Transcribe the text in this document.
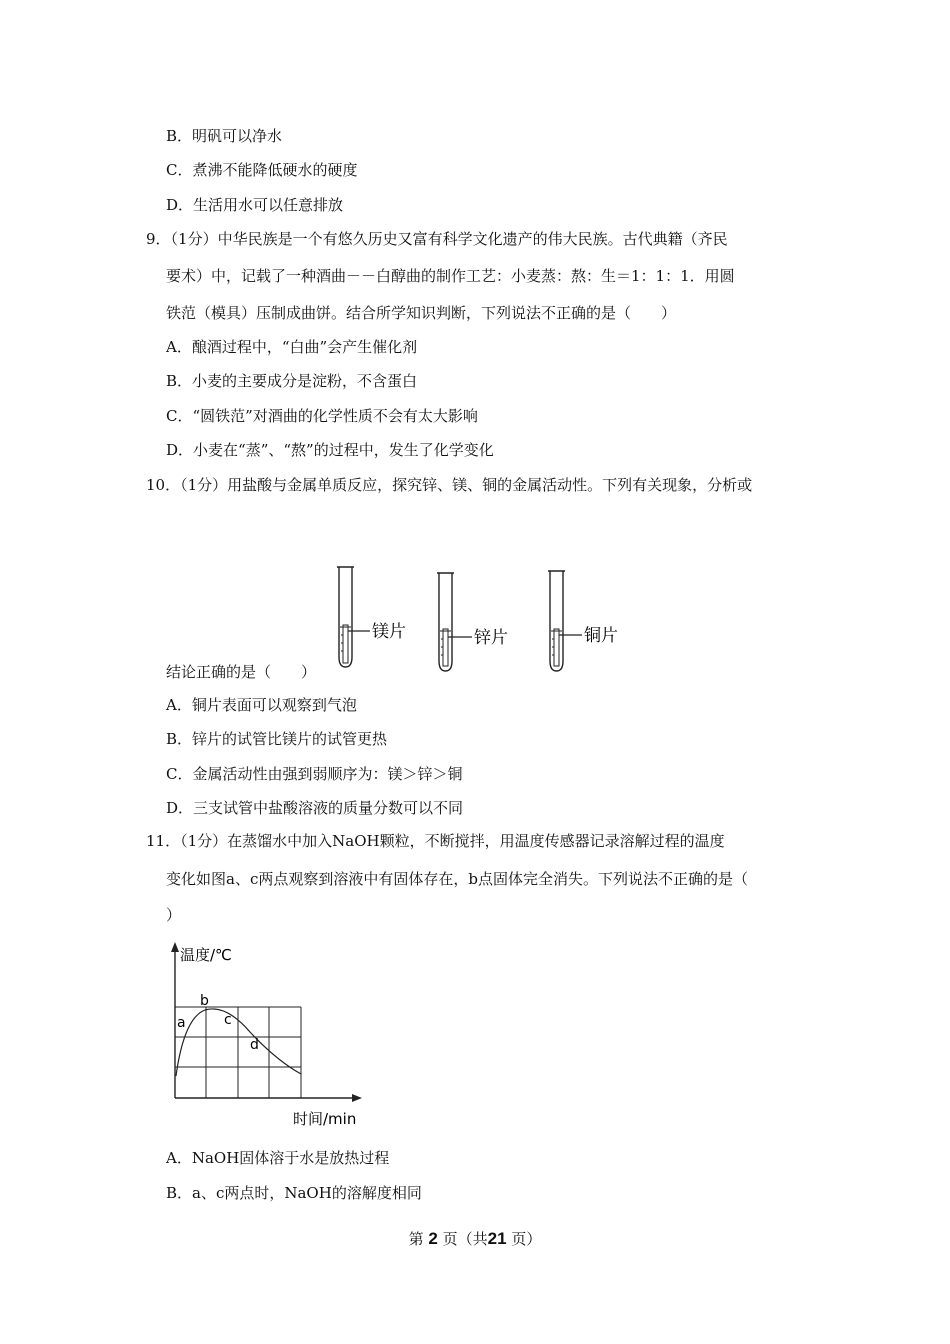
B．明矾可以净水
C．煮沸不能降低硬水的硬度
D．生活用水可以任意排放
9．（1分）中华民族是一个有悠久历史又富有科学文化遗产的伟大民族。古代典籍（齐民
要术）中，记载了一种酒曲－－白醇曲的制作工艺：小麦蒸：熬：生＝1：1：1．用圆
铁范（模具）压制成曲饼。结合所学知识判断，下列说法不正确的是（　　）
A．酿酒过程中，“白曲”会产生催化剂
B．小麦的主要成分是淀粉，不含蛋白
C．“圆铁范”对酒曲的化学性质不会有太大影响
D．小麦在“蒸”、“熬”的过程中，发生了化学变化
10．（1分）用盐酸与金属单质反应，探究锌、镁、铜的金属活动性。下列有关现象，分析或
镁片	锌片	铜片
结论正确的是（　　）
A．铜片表面可以观察到气泡
B．锌片的试管比镁片的试管更热
C．金属活动性由强到弱顺序为：镁＞锌＞铜
D．三支试管中盐酸溶液的质量分数可以不同
11．（1分）在蒸馏水中加入NaOH颗粒，不断搅拌，用温度传感器记录溶解过程的温度
变化如图a、c两点观察到溶液中有固体存在，b点固体完全消失。下列说法不正确的是（
）
温度/℃
时间/min
a
b
c
d
A．NaOH固体溶于水是放热过程
B．a、c两点时，NaOH的溶解度相同
第 2 页（共21 页）
